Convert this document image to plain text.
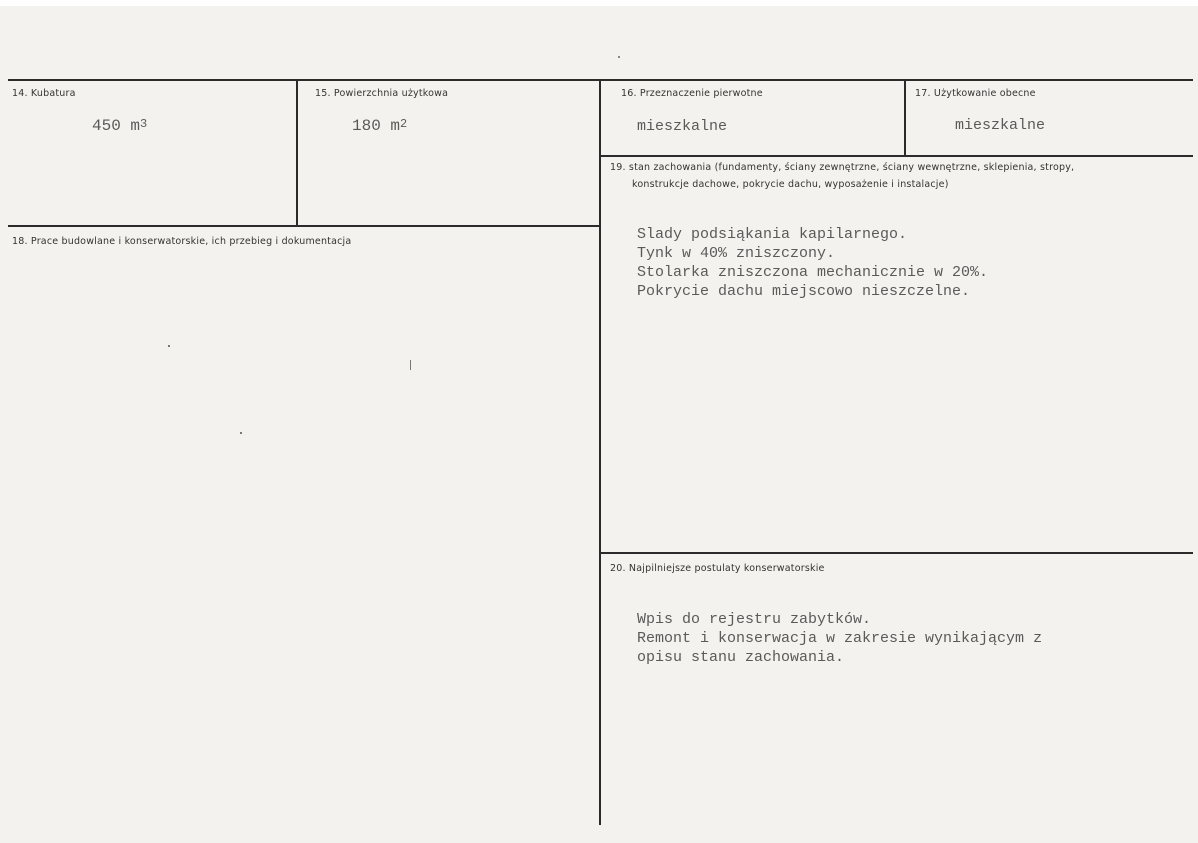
14. Kubatura
450 $m^3$
15. Powierzchnia użytkowa
180 $m^2$
16. Przeznaczenie pierwotne
mieszkalne
17. Użytkowanie obecne
mieszkalne
18. Prace budowlane i konserwatorskie, ich przebieg i dokumentacja
19. stan zachowania (fundamenty, ściany zewnętrzne, ściany wewnętrzne, sklepienia, stropy,
konstrukcje dachowe, pokrycie dachu, wyposażenie i instalacje)

Slady podsiąkania kapilarnego.
Tynk w 40% zniszczony.
Stolarka zniszczona mechanicznie w 20%.
Pokrycie dachu miejscowo nieszczelne.

20. Najpilniejsze postulaty konserwatorskie

Wpis do rejestru zabytków.
Remont i konserwacja w zakresie wynikającym z
opisu stanu zachowania.
